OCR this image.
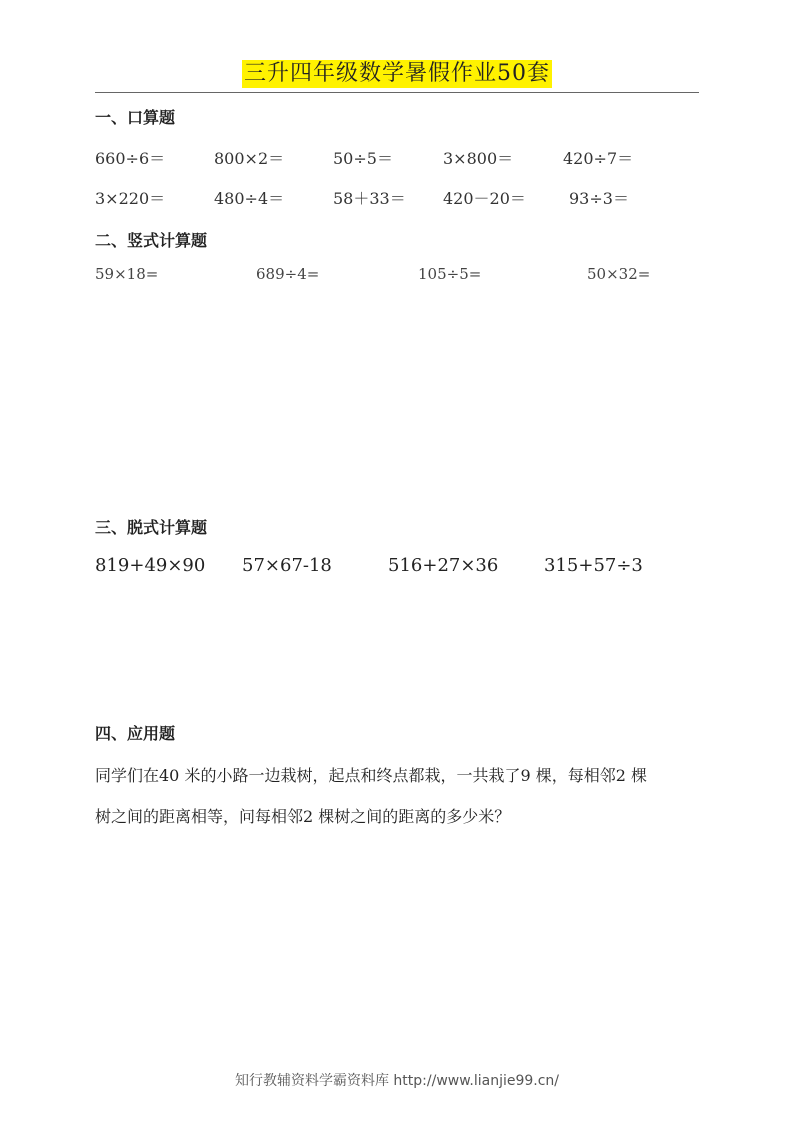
三升四年级数学暑假作业50套
一、口算题
660÷6＝	800×2＝	50÷5＝	3×800＝	420÷7＝
3×220＝	480÷4＝	58＋33＝ 420－20＝	93÷3＝
二、竖式计算题
59×18=	689÷4=	105÷5=	50×32=
三、脱式计算题
819+49×90 57×67-18	516+27×36	315+57÷3
四、应用题
同学们在40 米的小路一边栽树，起点和终点都栽，一共栽了9 棵，每相邻2 棵
树之间的距离相等，问每相邻2 棵树之间的距离的多少米？
知行教辅资料学霸资料库 http://www.lianjie99.cn/
